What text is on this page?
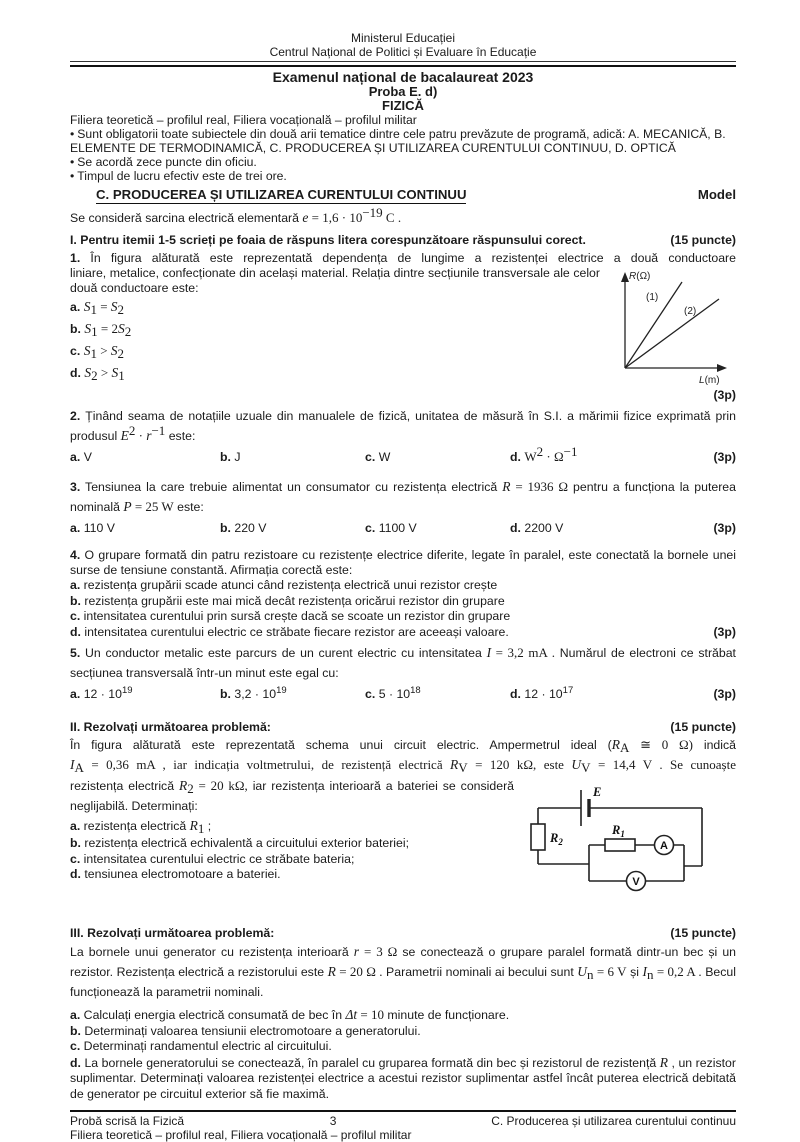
Ministerul Educației
Centrul Național de Politici și Evaluare în Educație
Examenul național de bacalaureat 2023
Proba E. d)
FIZICĂ
Filiera teoretică – profilul real, Filiera vocațională – profilul militar
• Sunt obligatorii toate subiectele din două arii tematice dintre cele patru prevăzute de programă, adică: A. MECANICĂ, B. ELEMENTE DE TERMODINAMICĂ, C. PRODUCEREA ȘI UTILIZAREA CURENTULUI CONTINUU, D. OPTICĂ
• Se acordă zece puncte din oficiu.
• Timpul de lucru efectiv este de trei ore.
C. PRODUCEREA ȘI UTILIZAREA CURENTULUI CONTINUU	Model
Se consideră sarcina electrică elementară $e = 1,6 \cdot 10^{-19}$ C .
I. Pentru itemii 1-5 scrieți pe foaia de răspuns litera corespunzătoare răspunsului corect.	(15 puncte)

1. În figura alăturată este reprezentată dependența de lungime a rezistenței electrice a două conductoare

R(Ω)
(1)
(2)
L(m)

liniare, metalice, confecționate din același material. Relația dintre secțiunile transversale ale celor două conductoare este:

a. $S_1 = S_2$
b. $S_1 = 2S_2$
c. $S_1 > S_2$
d. $S_2 > S_1$
(3p)

2. Ținând seama de notațiile uzuale din manualele de fizică, unitatea de măsură în S.I. a mărimii fizice exprimată prin produsul $E^2 \cdot r^{-1}$ este:

a. V	b. J	c. W	d. $W^2 \cdot \Omega^{-1}$	(3p)

3. Tensiunea la care trebuie alimentat un consumator cu rezistența electrică R = 1936 Ω pentru a funcționa la puterea nominală P = 25 W este:

a. 110 V	b. 220 V	c. 1100 V	d. 2200 V	(3p)

4. O grupare formată din patru rezistoare cu rezistențe electrice diferite, legate în paralel, este conectată la bornele unei surse de tensiune constantă. Afirmația corectă este:

a. rezistența grupării scade atunci când rezistența electrică unui rezistor crește
b. rezistența grupării este mai mică decât rezistența oricărui rezistor din grupare
c. intensitatea curentului prin sursă crește dacă se scoate un rezistor din grupare
d. intensitatea curentului electric ce străbate fiecare rezistor are aceeași valoare.	(3p)

5. Un conductor metalic este parcurs de un curent electric cu intensitatea I = 3,2 mA . Numărul de electroni ce străbat secțiunea transversală într-un minut este egal cu:

a. $12 \cdot 10^{19}$	b. $3,2 \cdot 10^{19}$	c. $5 \cdot 10^{18}$	d. $12 \cdot 10^{17}$	(3p)
II. Rezolvați următoarea problemă:	(15 puncte)
În figura alăturată este reprezentată schema unui circuit electric. Ampermetrul ideal ($R_A$ ≅ 0 Ω) indică
$I_A = 0,36$ mA , iar indicația voltmetrului, de rezistență electrică $R_V = 120$ kΩ, este $U_V = 14,4$ V . Se cunoaște
E
$R_2$
$R_1$
A
V

rezistența electrică $R_2 = 20$ kΩ, iar rezistența interioară a bateriei se consideră neglijabilă. Determinați:

a. rezistența electrică $R_1$ ;
b. rezistența electrică echivalentă a circuitului exterior bateriei;
c. intensitatea curentului electric ce străbate bateria;
d. tensiunea electromotoare a bateriei.
III. Rezolvați următoarea problemă:	(15 puncte)

La bornele unui generator cu rezistența interioară r = 3 Ω se conectează o grupare paralel formată dintr-un bec și un rezistor. Rezistența electrică a rezistorului este R = 20 Ω . Parametrii nominali ai becului sunt $U_n = 6$ V și $I_n = 0,2$ A . Becul funcționează la parametrii nominali.

a. Calculați energia electrică consumată de bec în Δt = 10 minute de funcționare.
b. Determinați valoarea tensiunii electromotoare a generatorului.
c. Determinați randamentul electric al circuitului.
d. La bornele generatorului se conectează, în paralel cu gruparea formată din bec și rezistorul de rezistență R , un rezistor suplimentar. Determinați valoarea rezistenței electrice a acestui rezistor suplimentar astfel încât puterea electrică debitată de generator pe circuitul exterior să fie maximă.
Probă scrisă la Fizică	3	C. Producerea și utilizarea curentului continuu
Filiera teoretică – profilul real, Filiera vocațională – profilul militar
